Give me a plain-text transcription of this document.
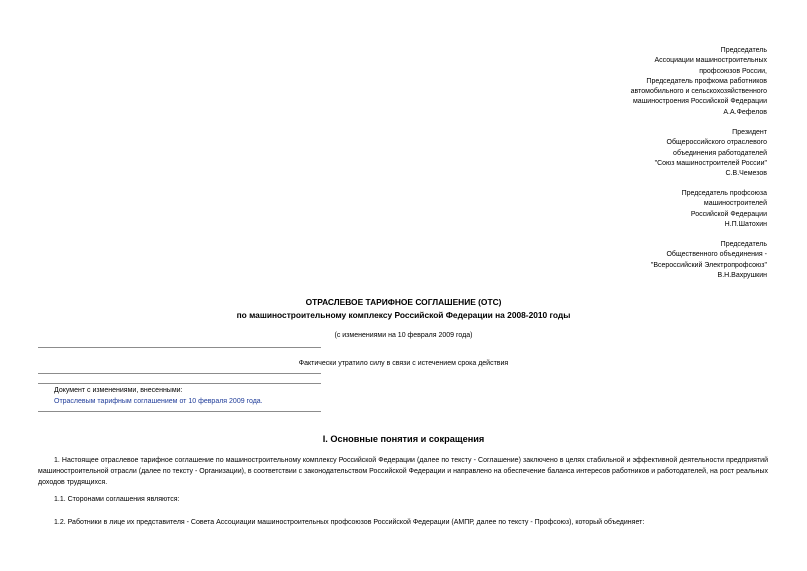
Председатель
Ассоциации машиностроительных
профсоюзов России,
Председатель профкома работников
автомобильного и сельскохозяйственного
машиностроения Российской Федерации
А.А.Фефелов
Президент
Общероссийского отраслевого
объединения работодателей
"Союз машиностроителей России"
С.В.Чемезов
Председатель профсоюза
машиностроителей
Российской Федерации
Н.П.Шатохин
Председатель
Общественного объединения -
"Всероссийский Электропрофсоюз"
В.Н.Вахрушкин
ОТРАСЛЕВОЕ ТАРИФНОЕ СОГЛАШЕНИЕ (ОТС)
по машиностроительному комплексу Российской Федерации на 2008-2010 годы
(с изменениями на 10 февраля 2009 года)
Фактически утратило силу в связи с истечением срока действия
Документ с изменениями, внесенными:
Отраслевым тарифным соглашением от 10 февраля 2009 года.
I. Основные понятия и сокращения
1. Настоящее отраслевое тарифное соглашение по машиностроительному комплексу Российской Федерации (далее по тексту - Соглашение) заключено в целях стабильной и эффективной деятельности предприятий машиностроительной отрасли (далее по тексту - Организации), в соответствии с законодательством Российской Федерации и направлено на обеспечение баланса интересов работников и работодателей, на рост реальных доходов трудящихся.
1.1. Сторонами соглашения являются:
1.2. Работники в лице их представителя - Совета Ассоциации машиностроительных профсоюзов Российской Федерации (АМПР, далее по тексту - Профсоюз), который объединяет:
